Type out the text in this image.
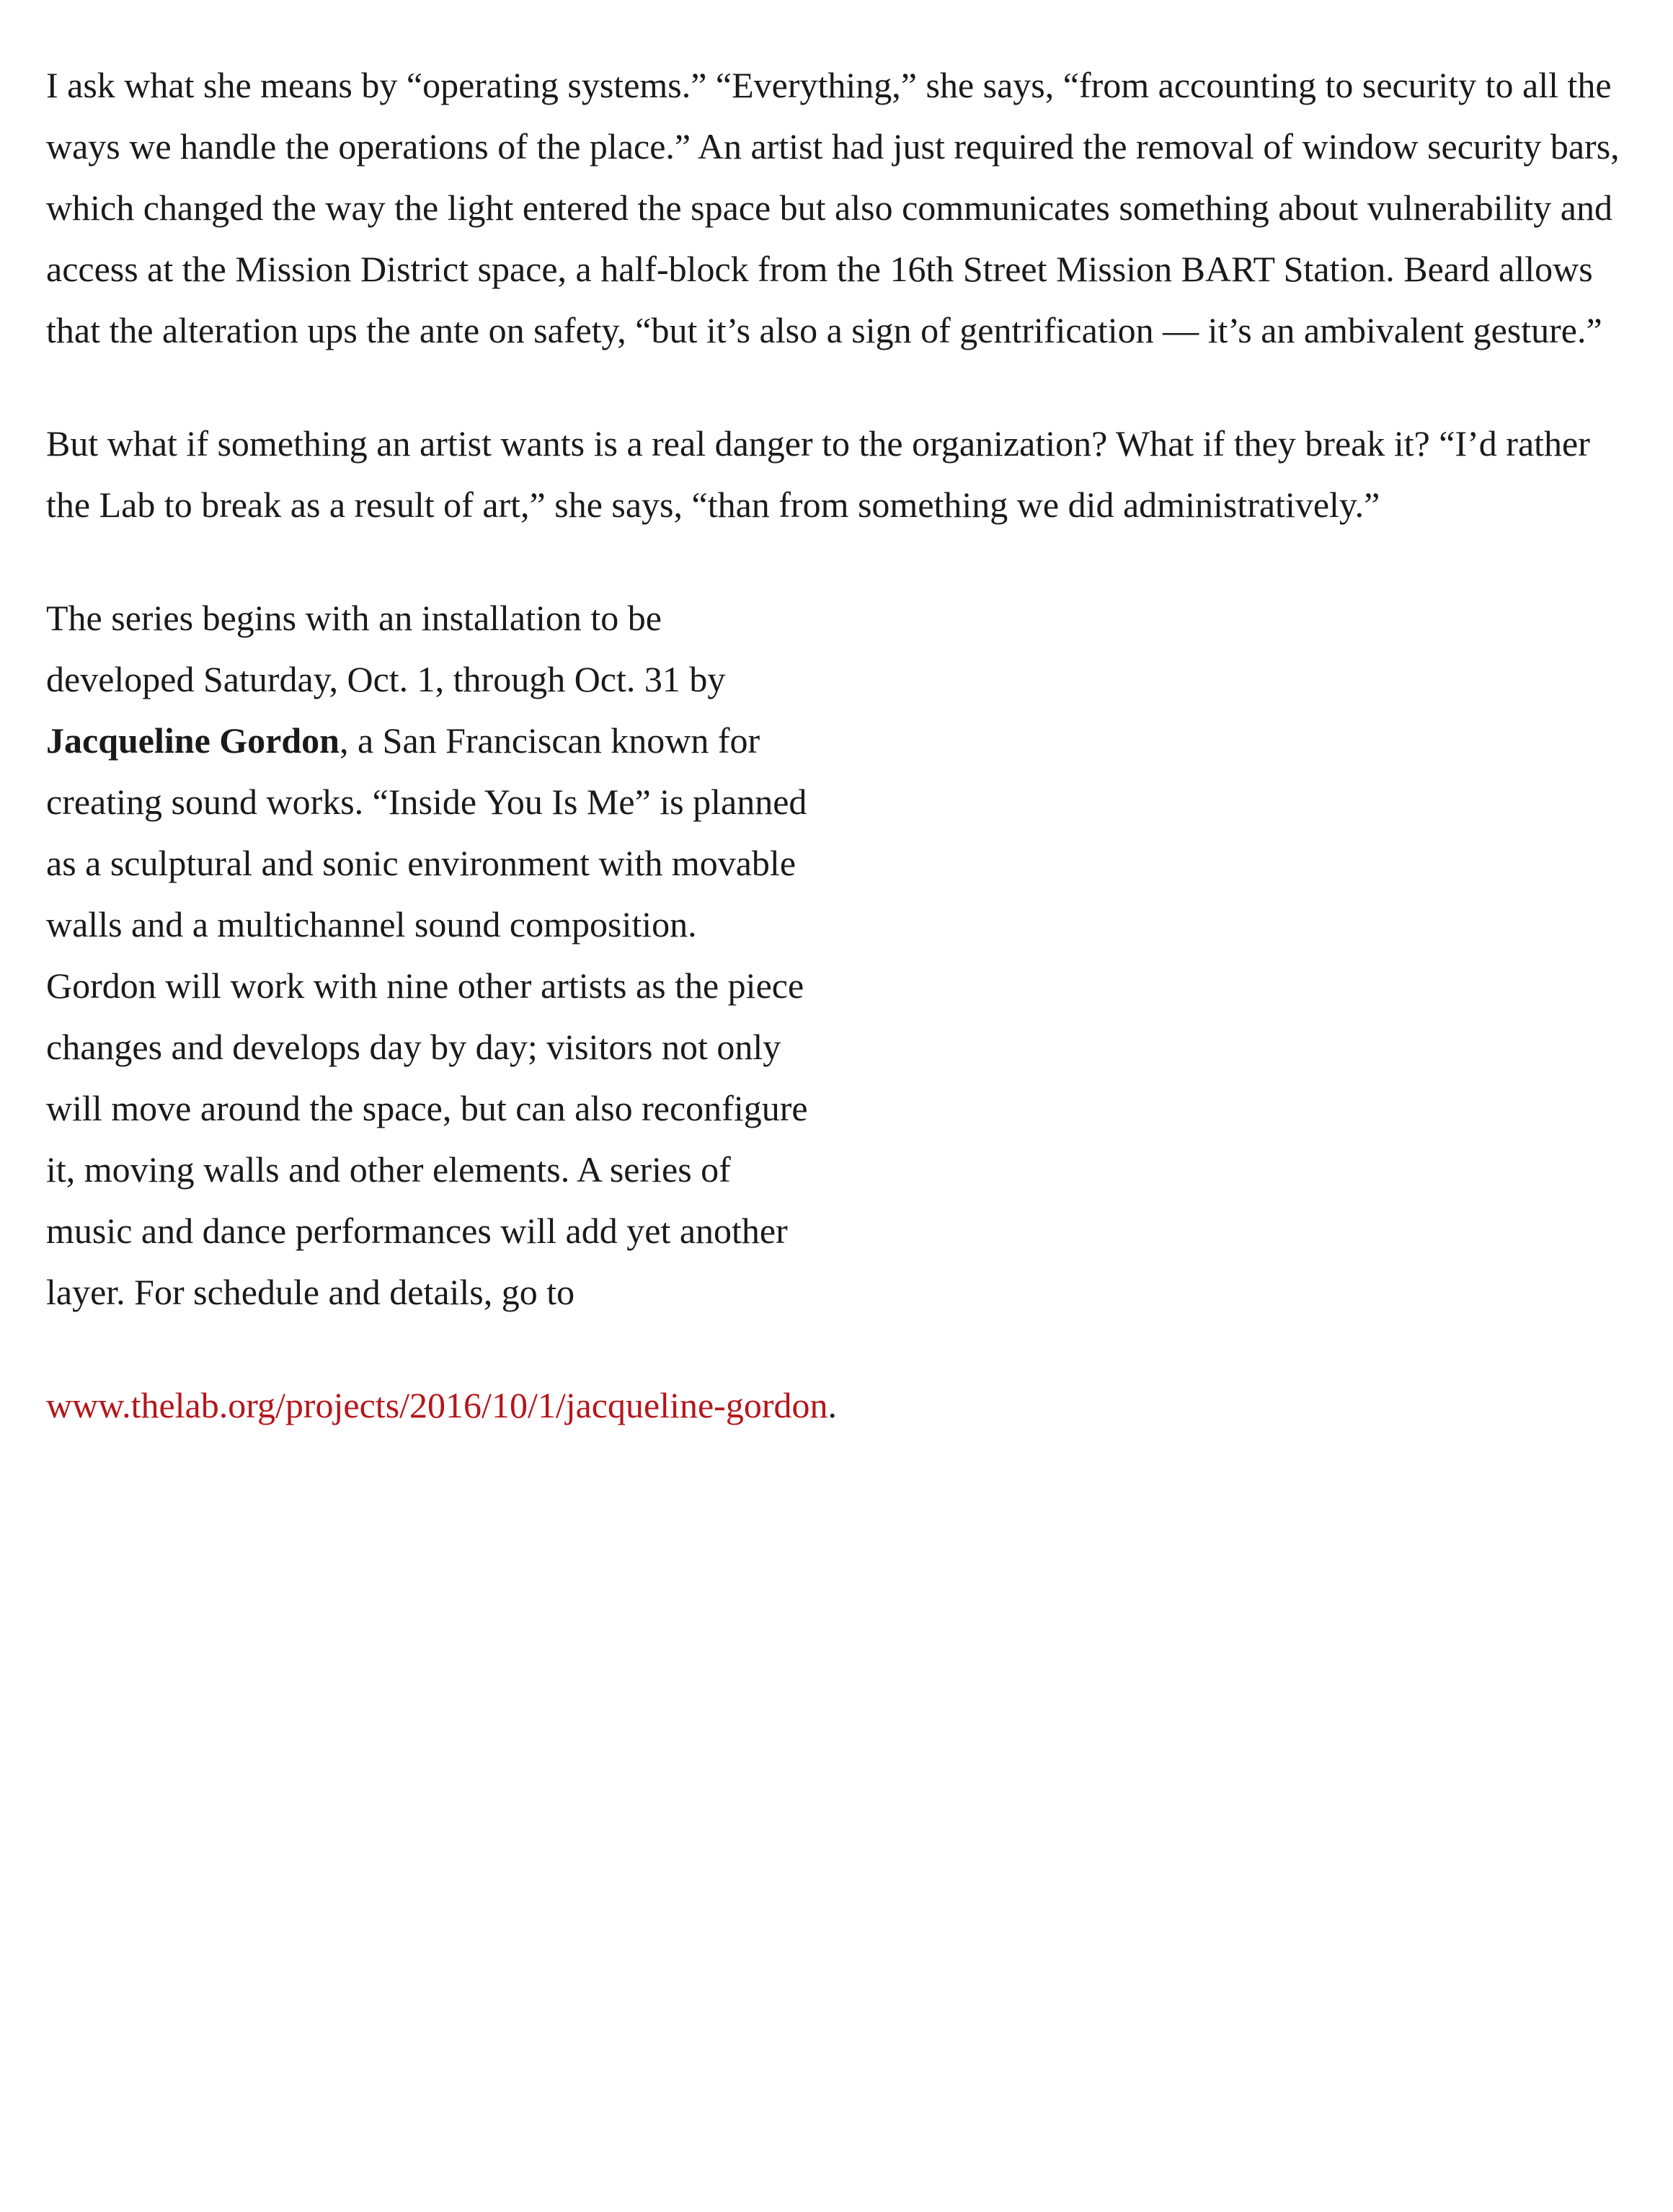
I ask what she means by “operating systems.” “Everything,” she says, “from accounting to security to all the ways we handle the operations of the place.” An artist had just required the removal of window security bars, which changed the way the light entered the space but also communicates something about vulnerability and access at the Mission District space, a half-block from the 16th Street Mission BART Station. Beard allows that the alteration ups the ante on safety, “but it’s also a sign of gentrification — it’s an ambivalent gesture.”

But what if something an artist wants is a real danger to the organization? What if they break it? “I’d rather the Lab to break as a result of art,” she says, “than from something we did administratively.”

The series begins with an installation to be developed Saturday, Oct. 1, through Oct. 31 by Jacqueline Gordon, a San Franciscan known for creating sound works. “Inside You Is Me” is planned as a sculptural and sonic environment with movable walls and a multichannel sound composition. Gordon will work with nine other artists as the piece changes and develops day by day; visitors not only will move around the space, but can also reconfigure it, moving walls and other elements. A series of music and dance performances will add yet another layer. For schedule and details, go to

www.thelab.org/projects/2016/10/1/jacqueline-gordon.
